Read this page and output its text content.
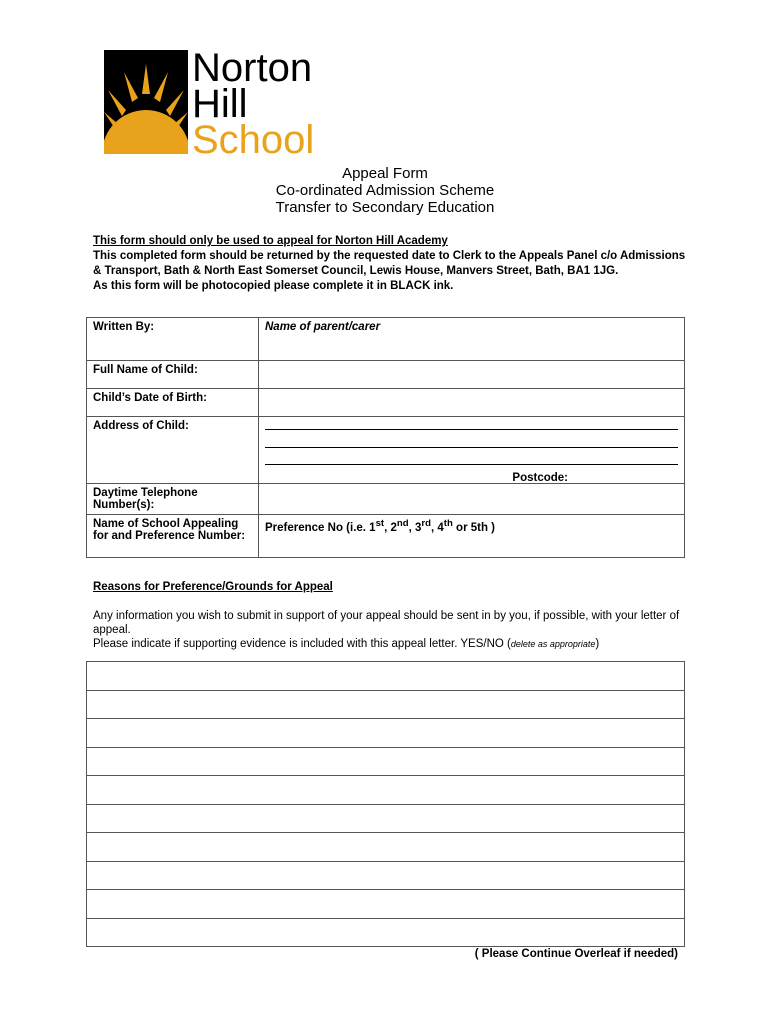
Norton
Hill
School
Appeal Form
Co-ordinated Admission Scheme
Transfer to Secondary Education
This form should only be used to appeal for Norton Hill Academy
This completed form should be returned by the requested date to Clerk to the Appeals Panel c/o Admissions & Transport, Bath & North East Somerset Council, Lewis House, Manvers Street, Bath, BA1 1JG.
As this form will be photocopied please complete it in BLACK ink.
Written By:	Name of parent/carer
Full Name of Child:	
Child’s Date of Birth:	
Address of Child:	Postcode:

Daytime Telephone Number(s):	
Name of School Appealing for and Preference Number:	Preference No (i.e. 1st, 2nd, 3rd, 4th or 5th )
Reasons for Preference/Grounds for Appeal
Any information you wish to submit in support of your appeal should be sent in by you, if possible, with your letter of appeal.
Please indicate if supporting evidence is included with this appeal letter. YES/NO (delete as appropriate)

( Please Continue Overleaf if needed)
